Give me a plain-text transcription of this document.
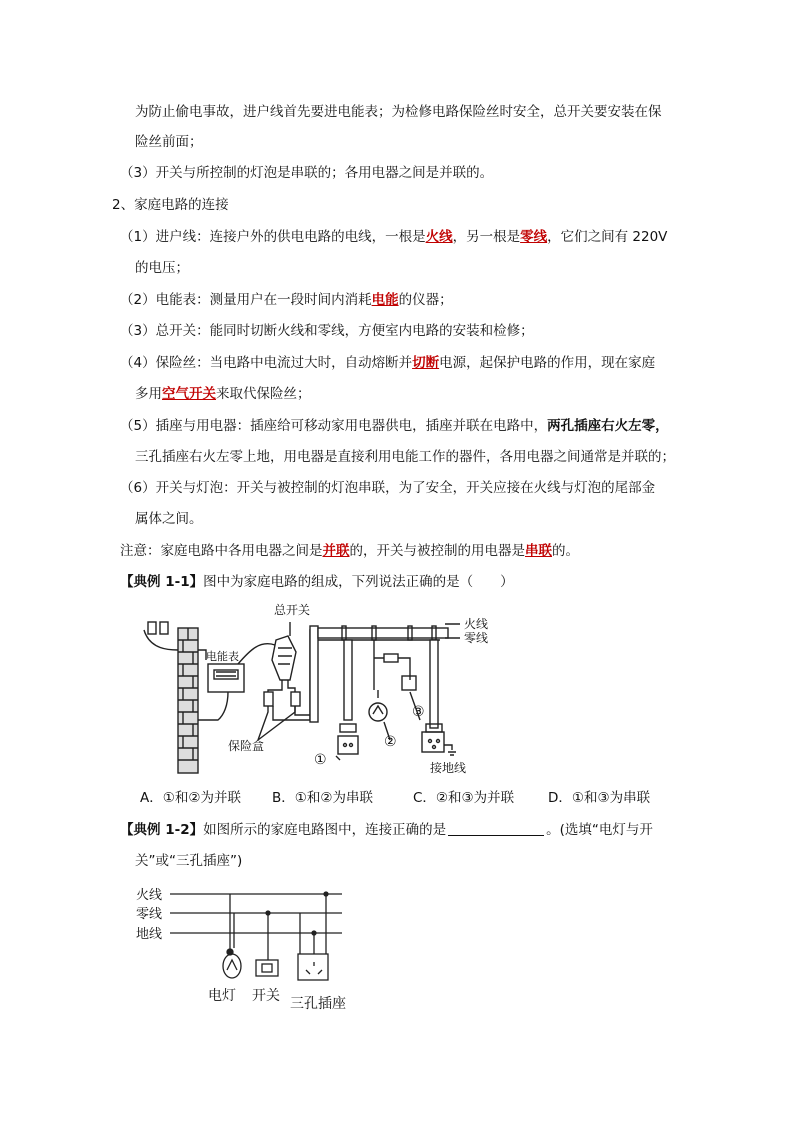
为防止偷电事故，进户线首先要进电能表；为检修电路保险丝时安全，总开关要安装在保
险丝前面；
（3）开关与所控制的灯泡是串联的；各用电器之间是并联的。
2、家庭电路的连接
（1）进户线：连接户外的供电电路的电线，一根是火线，另一根是零线，它们之间有 220V
的电压；
（2）电能表：测量用户在一段时间内消耗电能的仪器；
（3）总开关：能同时切断火线和零线，方便室内电路的安装和检修；
（4）保险丝：当电路中电流过大时，自动熔断并切断电源，起保护电路的作用，现在家庭
多用空气开关来取代保险丝；
（5）插座与用电器：插座给可移动家用电器供电，插座并联在电路中，两孔插座右火左零，
三孔插座右火左零上地，用电器是直接利用电能工作的器件，各用电器之间通常是并联的；
（6）开关与灯泡：开关与被控制的灯泡串联，为了安全，开关应接在火线与灯泡的尾部金
属体之间。
注意：家庭电路中各用电器之间是并联的，开关与被控制的用电器是串联的。
【典例 1-1】图中为家庭电路的组成，下列说法正确的是（　　）
总开关
电能表
保险盒
火线
零线
接地线
①
②
③
A．①和②为并联 B．①和②为串联	C．②和③为并联	D．①和③为串联
【典例 1-2】如图所示的家庭电路图中，连接正确的是	。(选填“电灯与开
关”或“三孔插座”)
火线
零线
地线
电灯 开关 三孔插座
